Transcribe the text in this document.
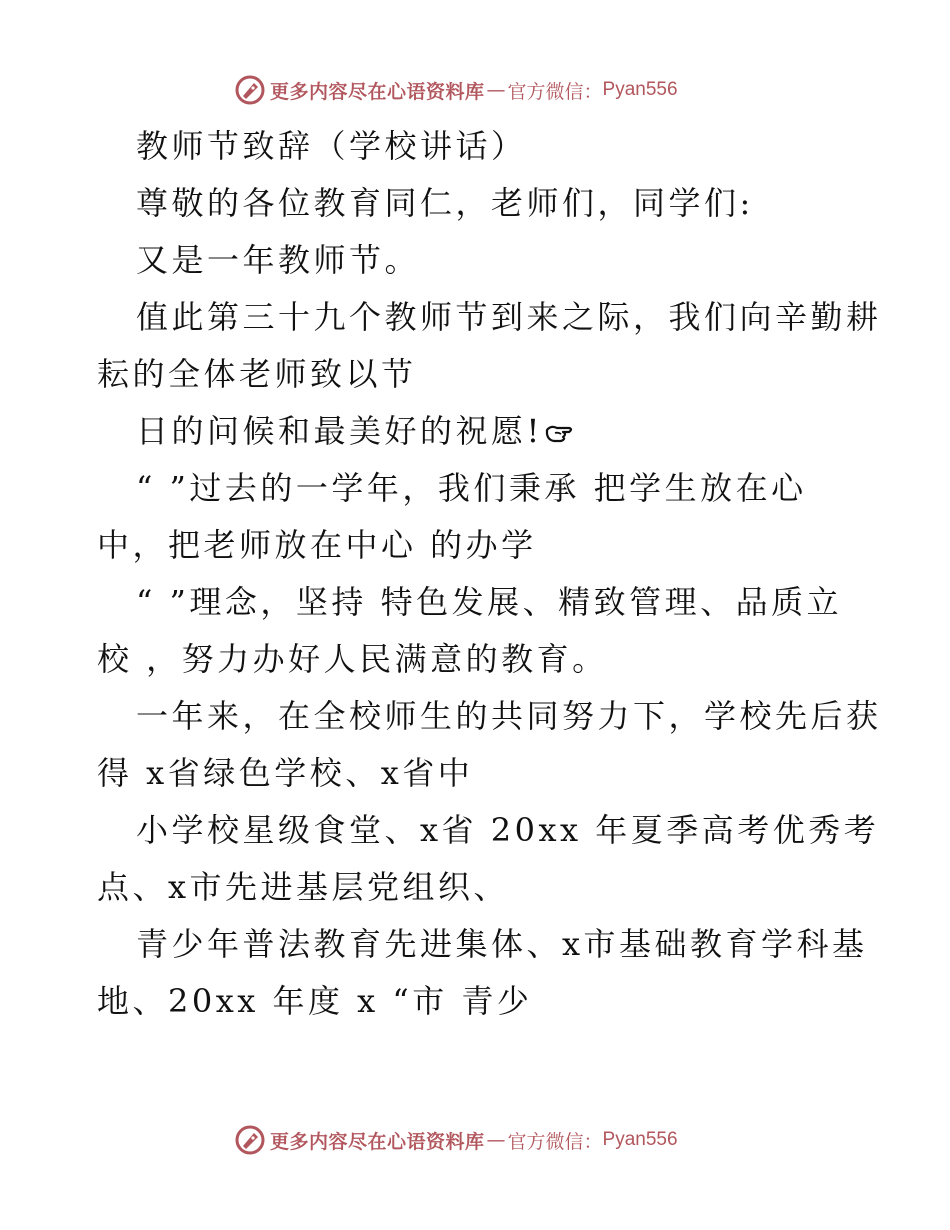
更多内容尽在心语资料库 — 官方微信： Pyan556
教师节致辞（学校讲话）
尊敬的各位教育同仁，老师们，同学们:
又是一年教师节。
值此第三十九个教师节到来之际，我们向辛勤耕
耘的全体老师致以节
日的问候和最美好的祝愿!
“ ”过去的一学年，我们秉承 把学生放在心
中，把老师放在中心 的办学
“ ”理念，坚持 特色发展、精致管理、品质立
校 ，努力办好人民满意的教育。
一年来，在全校师生的共同努力下，学校先后获
得 x省绿色学校、x省中
小学校星级食堂、x省 20xx 年夏季高考优秀考
点、x市先进基层党组织、
青少年普法教育先进集体、x市基础教育学科基
地、20xx 年度 x “市 青少
更多内容尽在心语资料库 — 官方微信： Pyan556
